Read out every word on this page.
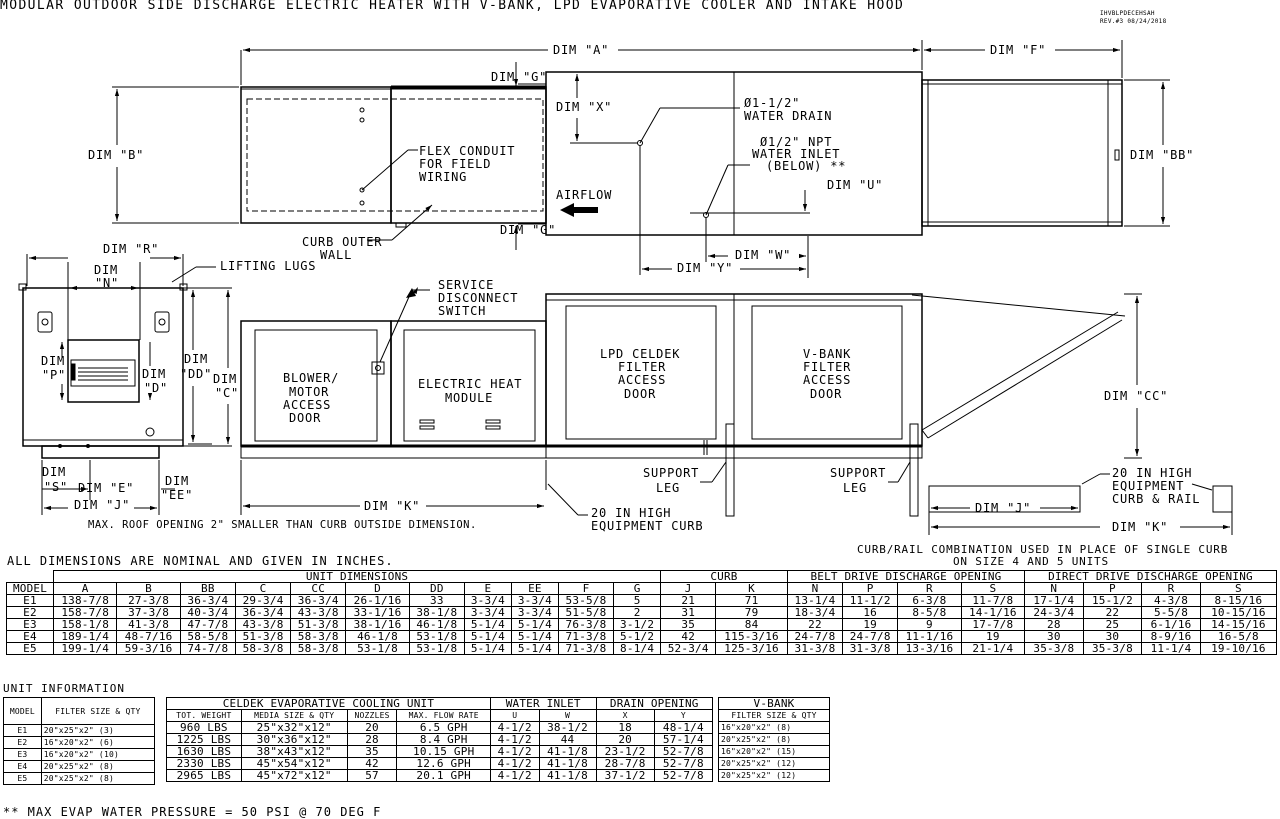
MODULAR OUTDOOR SIDE DISCHARGE ELECTRIC HEATER WITH V-BANK, LPD EVAPORATIVE COOLER AND INTAKE HOOD
IHVBLPDECEHSAH
REV.#3 08/24/2018
DIM "A"	DIM "F"
DIM "G"
DIM "G"
DIM "B"	DIM "BB"
DIM "X"
DIM "U"
DIM "W"
DIM "Y"
Ø1-1/2"
WATER DRAIN
Ø1/2" NPT
WATER INLET
(BELOW) **
FLEX CONDUIT
FOR FIELD
WIRING
AIRFLOW
CURB OUTER
WALL
DIM "R"
DIM
"N"
LIFTING LUGS
DIM
"P"	DIM
"D"
DIM
"DD" DIM
"C"
DIM
"S" DIM "E"	DIM
"EE"
DIM "J"
SERVICE
DISCONNECT
SWITCH
BLOWER/
MOTOR
ACCESS
DOOR
ELECTRIC HEAT
MODULE
LPD CELDEK
FILTER
ACCESS
DOOR
V-BANK
FILTER
ACCESS
DOOR	DIM "CC"
SUPPORT
LEG
SUPPORT
LEG
DIM "K"	20 IN HIGH
EQUIPMENT CURB
20 IN HIGH
EQUIPMENT
CURB & RAIL
DIM "J"
DIM "K"
MAX. ROOF OPENING 2" SMALLER THAN CURB OUTSIDE DIMENSION.
CURB/RAIL COMBINATION USED IN PLACE OF SINGLE CURB
ON SIZE 4 AND 5 UNITS
ALL DIMENSIONS ARE NOMINAL AND GIVEN IN INCHES.
	UNIT DIMENSIONS											CURB		BELT DRIVE DISCHARGE OPENING				DIRECT DRIVE DISCHARGE OPENING			
MODEL	A	B	BB	C	CC	D	DD	E	EE	F	G	J	K	N	P	R	S	N	P	R	S
E1	138-7/8	27-3/8	36-3/4	29-3/4	36-3/4	26-1/16	33	3-3/4	3-3/4	53-5/8	5	21	71	13-1/4	11-1/2	6-3/8	11-7/8	17-1/4	15-1/2	4-3/8	8-15/16
E2	158-7/8	37-3/8	40-3/4	36-3/4	43-3/8	33-1/16	38-1/8	3-3/4	3-3/4	51-5/8	2	31	79	18-3/4	16	8-5/8	14-1/16	24-3/4	22	5-5/8	10-15/16
E3	158-1/8	41-3/8	47-7/8	43-3/8	51-3/8	38-1/16	46-1/8	5-1/4	5-1/4	76-3/8	3-1/2	35	84	22	19	9	17-7/8	28	25	6-1/16	14-15/16
E4	189-1/4	48-7/16	58-5/8	51-3/8	58-3/8	46-1/8	53-1/8	5-1/4	5-1/4	71-3/8	5-1/2	42	115-3/16	24-7/8	24-7/8	11-1/16	19	30	30	8-9/16	16-5/8
E5	199-1/4	59-3/16	74-7/8	58-3/8	58-3/8	53-1/8	53-1/8	5-1/4	5-1/4	71-3/8	8-1/4	52-3/4	125-3/16	31-3/8	31-3/8	13-3/16	21-1/4	35-3/8	35-3/8	11-1/4	19-10/16
UNIT INFORMATION
MODEL	FILTER SIZE & QTY
E1	20"x25"x2" (3)
E2	16"x20"x2" (6)
E3	16"x20"x2" (10)
E4	20"x25"x2" (8)
E5	20"x25"x2" (8)
CELDEK EVAPORATIVE COOLING UNIT				WATER INLET		DRAIN OPENING	
TOT. WEIGHT	MEDIA SIZE & QTY	NOZZLES	MAX. FLOW RATE	U	W	X	Y
960 LBS	25"x32"x12"	20	6.5 GPH	4-1/2	38-1/2	18	48-1/4
1225 LBS	30"x36"x12"	28	8.4 GPH	4-1/2	44	20	57-1/4
1630 LBS	38"x43"x12"	35	10.15 GPH	4-1/2	41-1/8	23-1/2	52-7/8
2330 LBS	45"x54"x12"	42	12.6 GPH	4-1/2	41-1/8	28-7/8	52-7/8
2965 LBS	45"x72"x12"	57	20.1 GPH	4-1/2	41-1/8	37-1/2	52-7/8
V-BANK
FILTER SIZE & QTY
16"x20"x2" (8)
20"x25"x2" (8)
16"x20"x2" (15)
20"x25"x2" (12)
20"x25"x2" (12)
** MAX EVAP WATER PRESSURE = 50 PSI @ 70 DEG F
